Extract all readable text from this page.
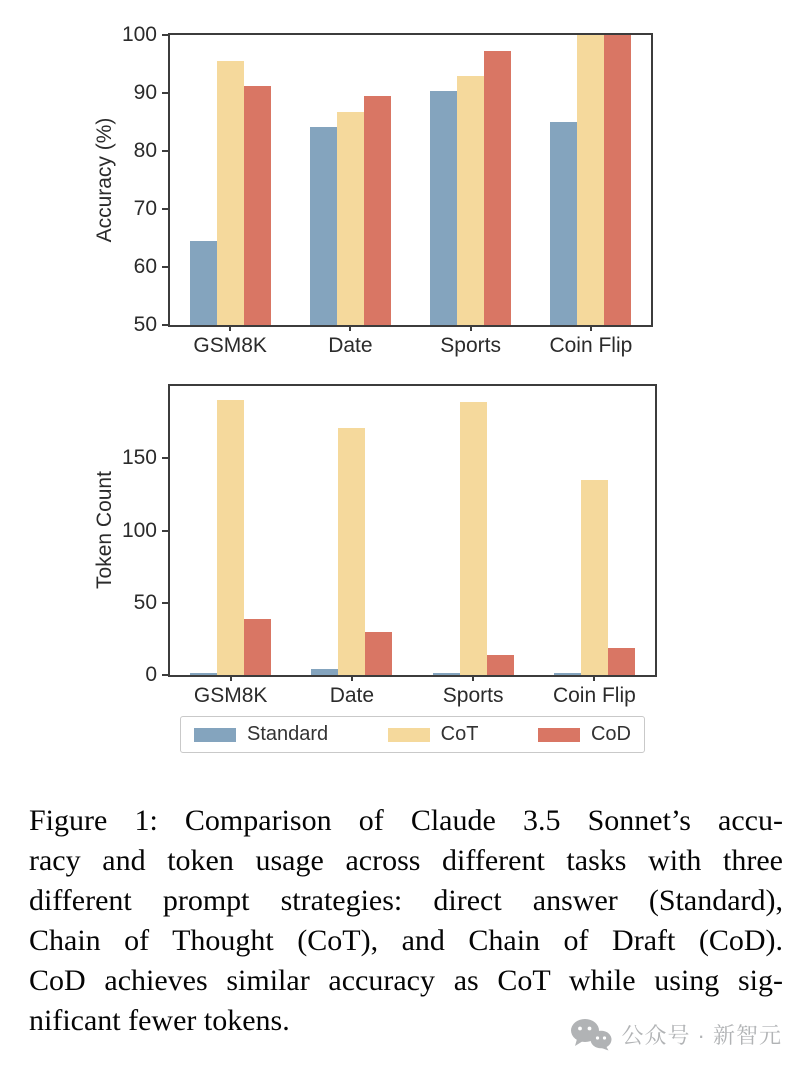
Accuracy (%)
50
60
70
80
90
100
GSM8K	Date	Sports Coin Flip
Token Count
0
50
100
150
GSM8K	Date	Sports Coin Flip
Standard	CoT	CoD
Figure 1: Comparison of Claude 3.5 Sonnet’s accu-
racy and token usage across different tasks with three
different prompt strategies: direct answer (Standard),
Chain of Thought (CoT), and Chain of Draft (CoD).
CoD achieves similar accuracy as CoT while using sig-
nificant fewer tokens.	公众号 · 新智元
